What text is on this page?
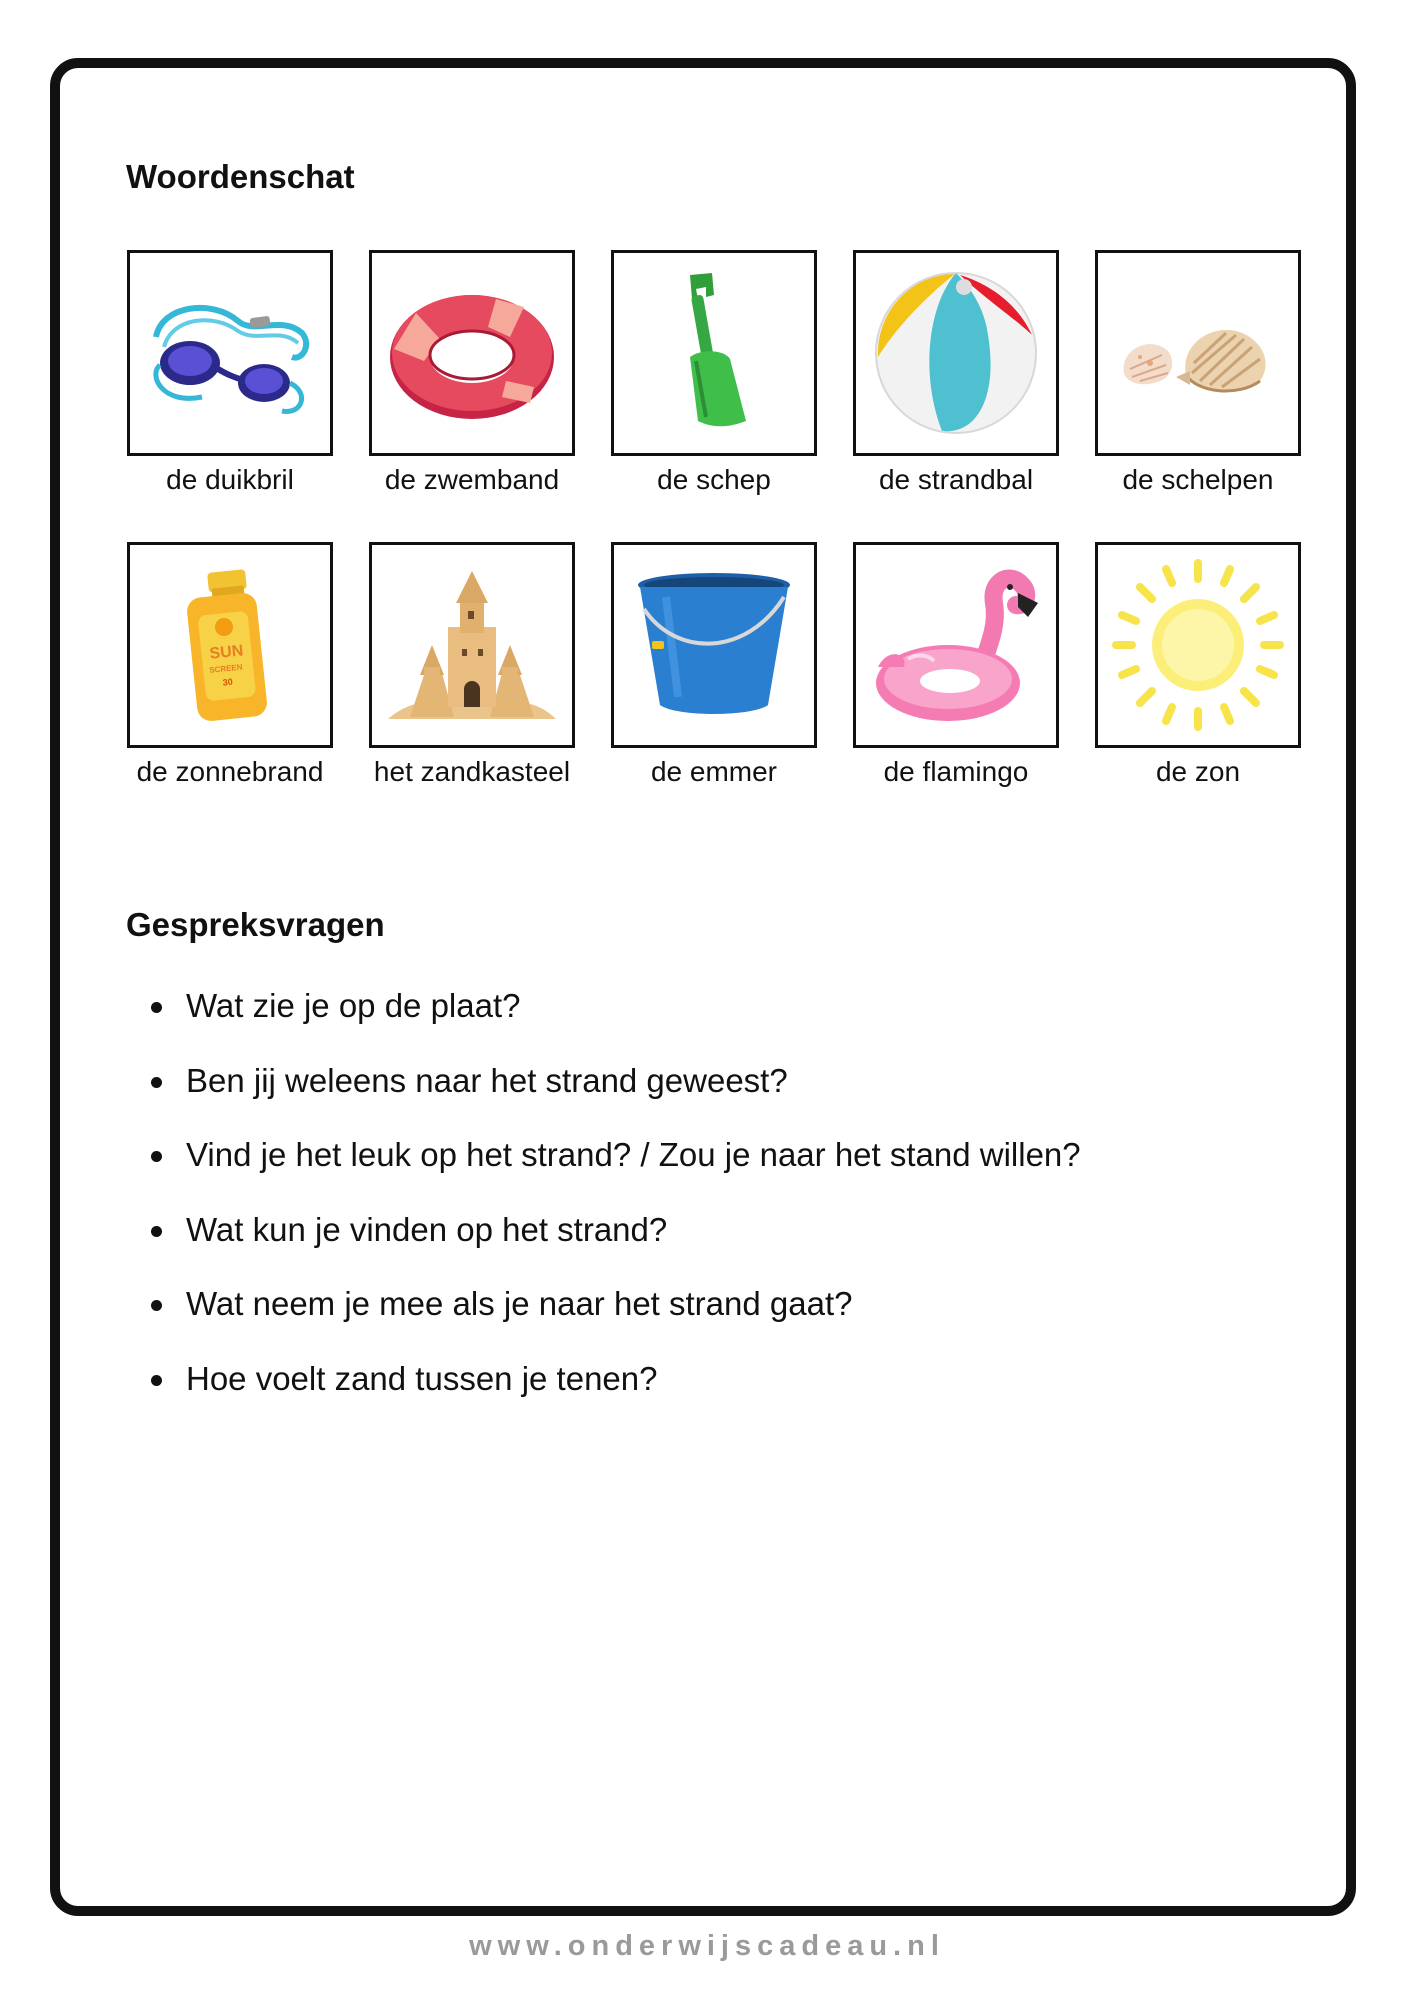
Woordenschat
de duikbril	de zwemband	de schep	de strandbal	de schelpen
SUN
SCREEN
30
de zonnebrand	het zandkasteel	de emmer	de flamingo	de zon
Gespreksvragen
Wat zie je op de plaat?
Ben jij weleens naar het strand geweest?
Vind je het leuk op het strand? / Zou je naar het stand willen?
Wat kun je vinden op het strand?
Wat neem je mee als je naar het strand gaat?
Hoe voelt zand tussen je tenen?
www.onderwijscadeau.nl
